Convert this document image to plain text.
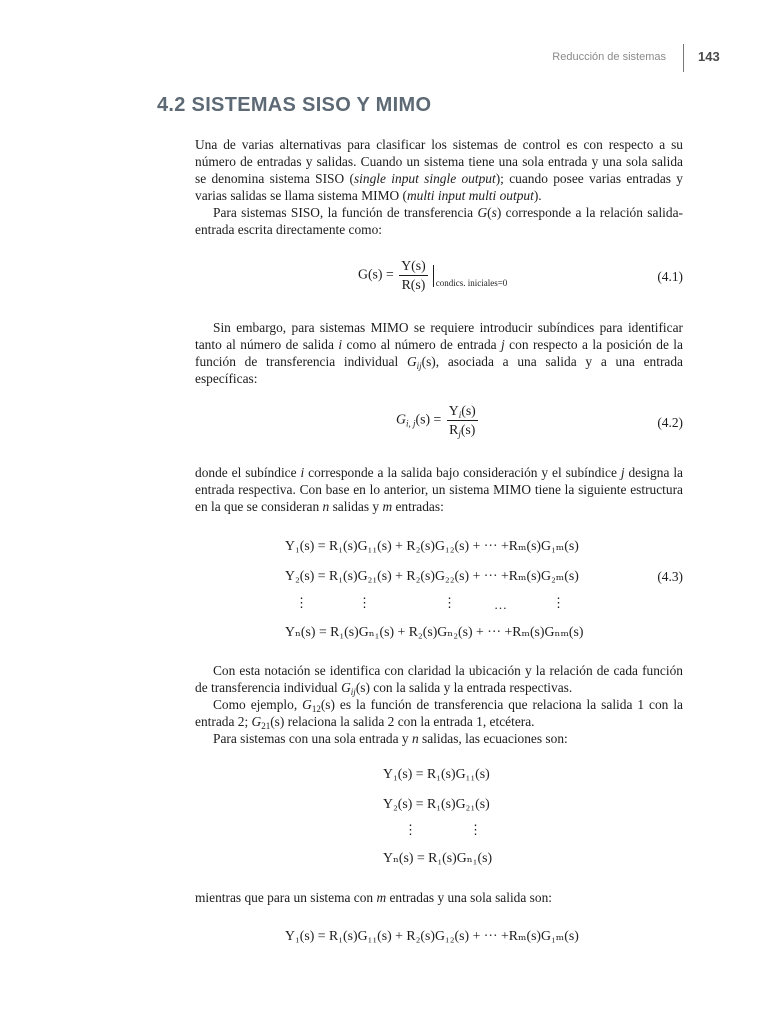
Reducción de sistemas 143
4.2 SISTEMAS SISO Y MIMO

Una de varias alternativas para clasificar los sistemas de control es con respecto a su número de entradas y salidas. Cuando un sistema tiene una sola entrada y una sola salida se denomina sistema SISO (single input single output); cuando posee varias entradas y varias salidas se llama sistema MIMO (multi input multi output).

Para sistemas SISO, la función de transferencia G(s) corresponde a la relación salida-entrada escrita directamente como:

$G(s) = \frac{Y(s)}{R(s)} _{condics. iniciales=0}$	(4.1)

Sin embargo, para sistemas MIMO se requiere introducir subíndices para identificar tanto al número de salida i como al número de entrada j con respecto a la posición de la función de transferencia individual $G_{ij}(s)$, asociada a una salida y a una entrada específicas:

$G_{i, j}(s) = \frac{Y_i(s)}{R_j(s)}$	(4.2)

donde el subíndice i corresponde a la salida bajo consideración y el subíndice j designa la entrada respectiva. Con base en lo anterior, un sistema MIMO tiene la siguiente estructura en la que se consideran n salidas y m entradas:

Y₁(s) = R₁(s)G₁₁(s) + R₂(s)G₁₂(s) + ··· +Rₘ(s)G₁ₘ(s)
Y₂(s) = R₁(s)G₂₁(s) + R₂(s)G₂₂(s) + ··· +Rₘ(s)G₂ₘ(s)	(4.3)
⋮	⋮	⋮	…	⋮
Yₙ(s) = R₁(s)Gₙ₁(s) + R₂(s)Gₙ₂(s) + ··· +Rₘ(s)Gₙₘ(s)

Con esta notación se identifica con claridad la ubicación y la relación de cada función de transferencia individual $G_{ij}(s)$ con la salida y la entrada respectivas.

Como ejemplo, $G_{12}(s)$ es la función de transferencia que relaciona la salida 1 con la entrada 2; $G_{21}(s)$ relaciona la salida 2 con la entrada 1, etcétera.

Para sistemas con una sola entrada y n salidas, las ecuaciones son:

Y₁(s) = R₁(s)G₁₁(s)
Y₂(s) = R₁(s)G₂₁(s)
⋮	⋮
Yₙ(s) = R₁(s)Gₙ₁(s)

mientras que para un sistema con m entradas y una sola salida son:

Y₁(s) = R₁(s)G₁₁(s) + R₂(s)G₁₂(s) + ··· +Rₘ(s)G₁ₘ(s)
